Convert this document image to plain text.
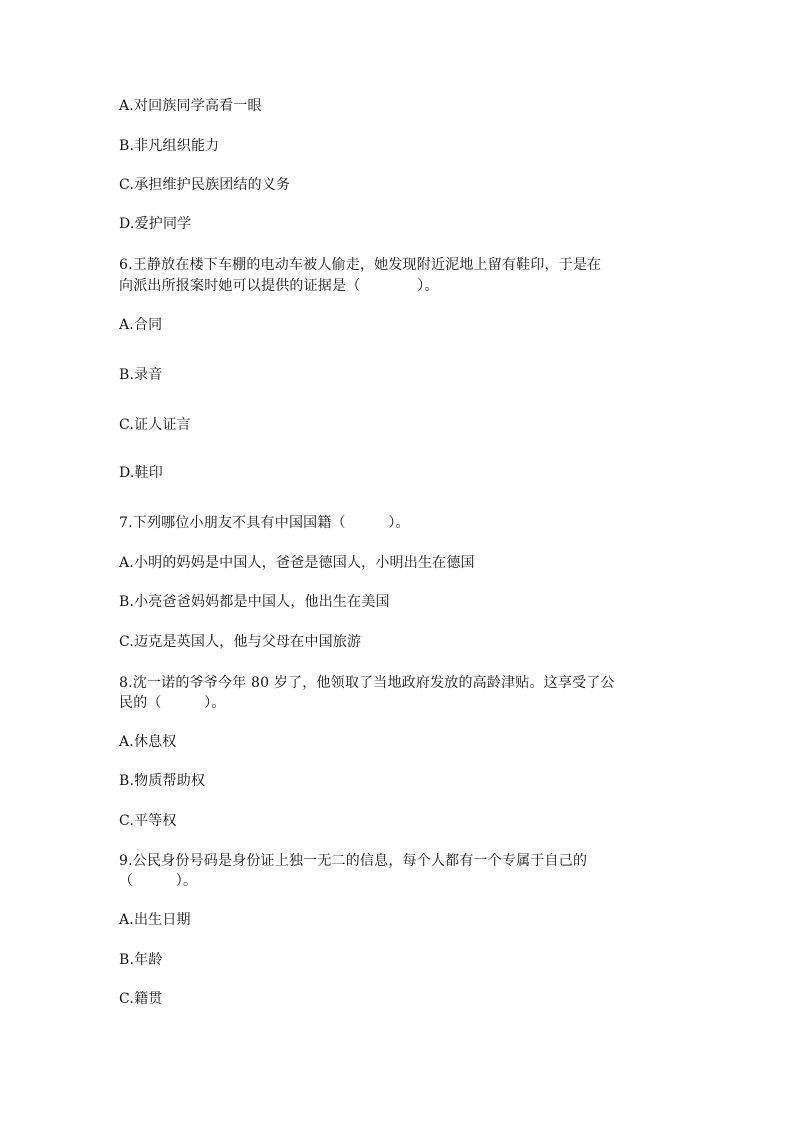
A.对回族同学高看一眼
B.非凡组织能力
C.承担维护民族团结的义务
D.爱护同学
6.王静放在楼下车棚的电动车被人偷走，她发现附近泥地上留有鞋印，于是在
向派出所报案时她可以提供的证据是（　　　　）。
A.合同
B.录音
C.证人证言
D.鞋印
7.下列哪位小朋友不具有中国国籍（　　　）。
A.小明的妈妈是中国人，爸爸是德国人，小明出生在德国
B.小亮爸爸妈妈都是中国人，他出生在美国
C.迈克是英国人，他与父母在中国旅游
8.沈一诺的爷爷今年 80 岁了，他领取了当地政府发放的高龄津贴。这享受了公
民的（　　　）。
A.休息权
B.物质帮助权
C.平等权
9.公民身份号码是身份证上独一无二的信息，每个人都有一个专属于自己的
（　　　）。
A.出生日期
B.年龄
C.籍贯
